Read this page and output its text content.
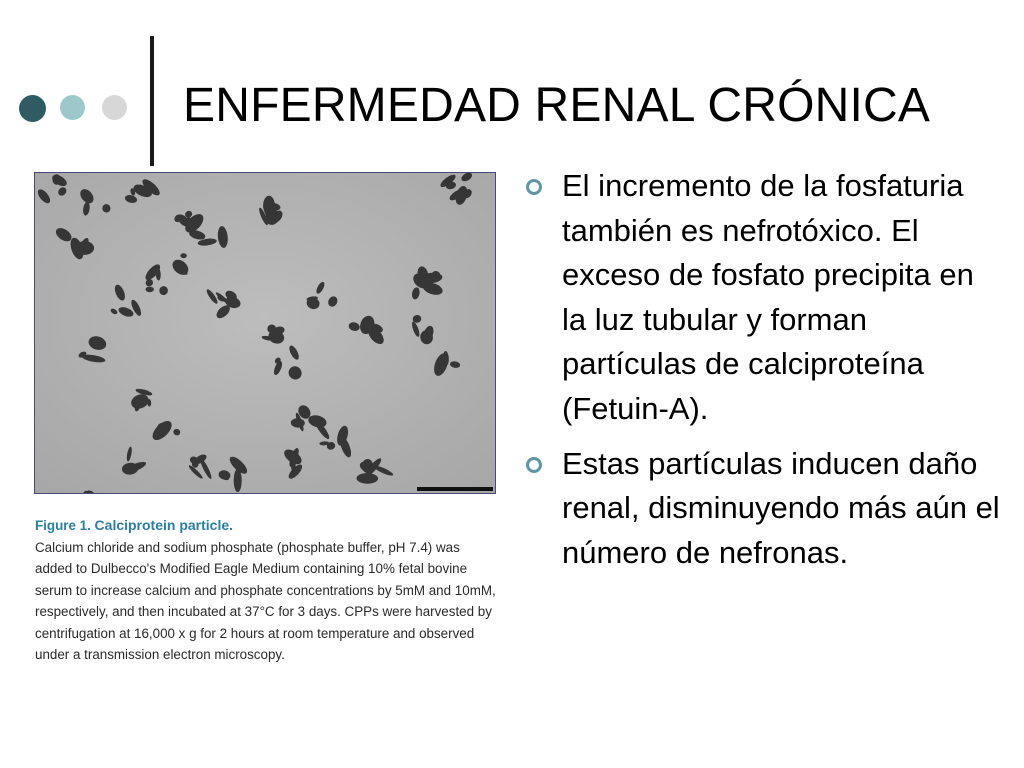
ENFERMEDAD RENAL CRÓNICA
Figure 1. Calciprotein particle.
Calcium chloride and sodium phosphate (phosphate buffer, pH 7.4) was added to Dulbecco's Modified Eagle Medium containing 10% fetal bovine serum to increase calcium and phosphate concentrations by 5mM and 10mM, respectively, and then incubated at 37°C for 3 days. CPPs were harvested by centrifugation at 16,000 x g for 2 hours at room temperature and observed under a transmission electron microscopy.
El incremento de la fosfaturia también es nefrotóxico. El exceso de fosfato precipita en la luz tubular y forman partículas de calciproteína (Fetuin-A).
Estas partículas inducen daño renal, disminuyendo más aún el número de nefronas.
